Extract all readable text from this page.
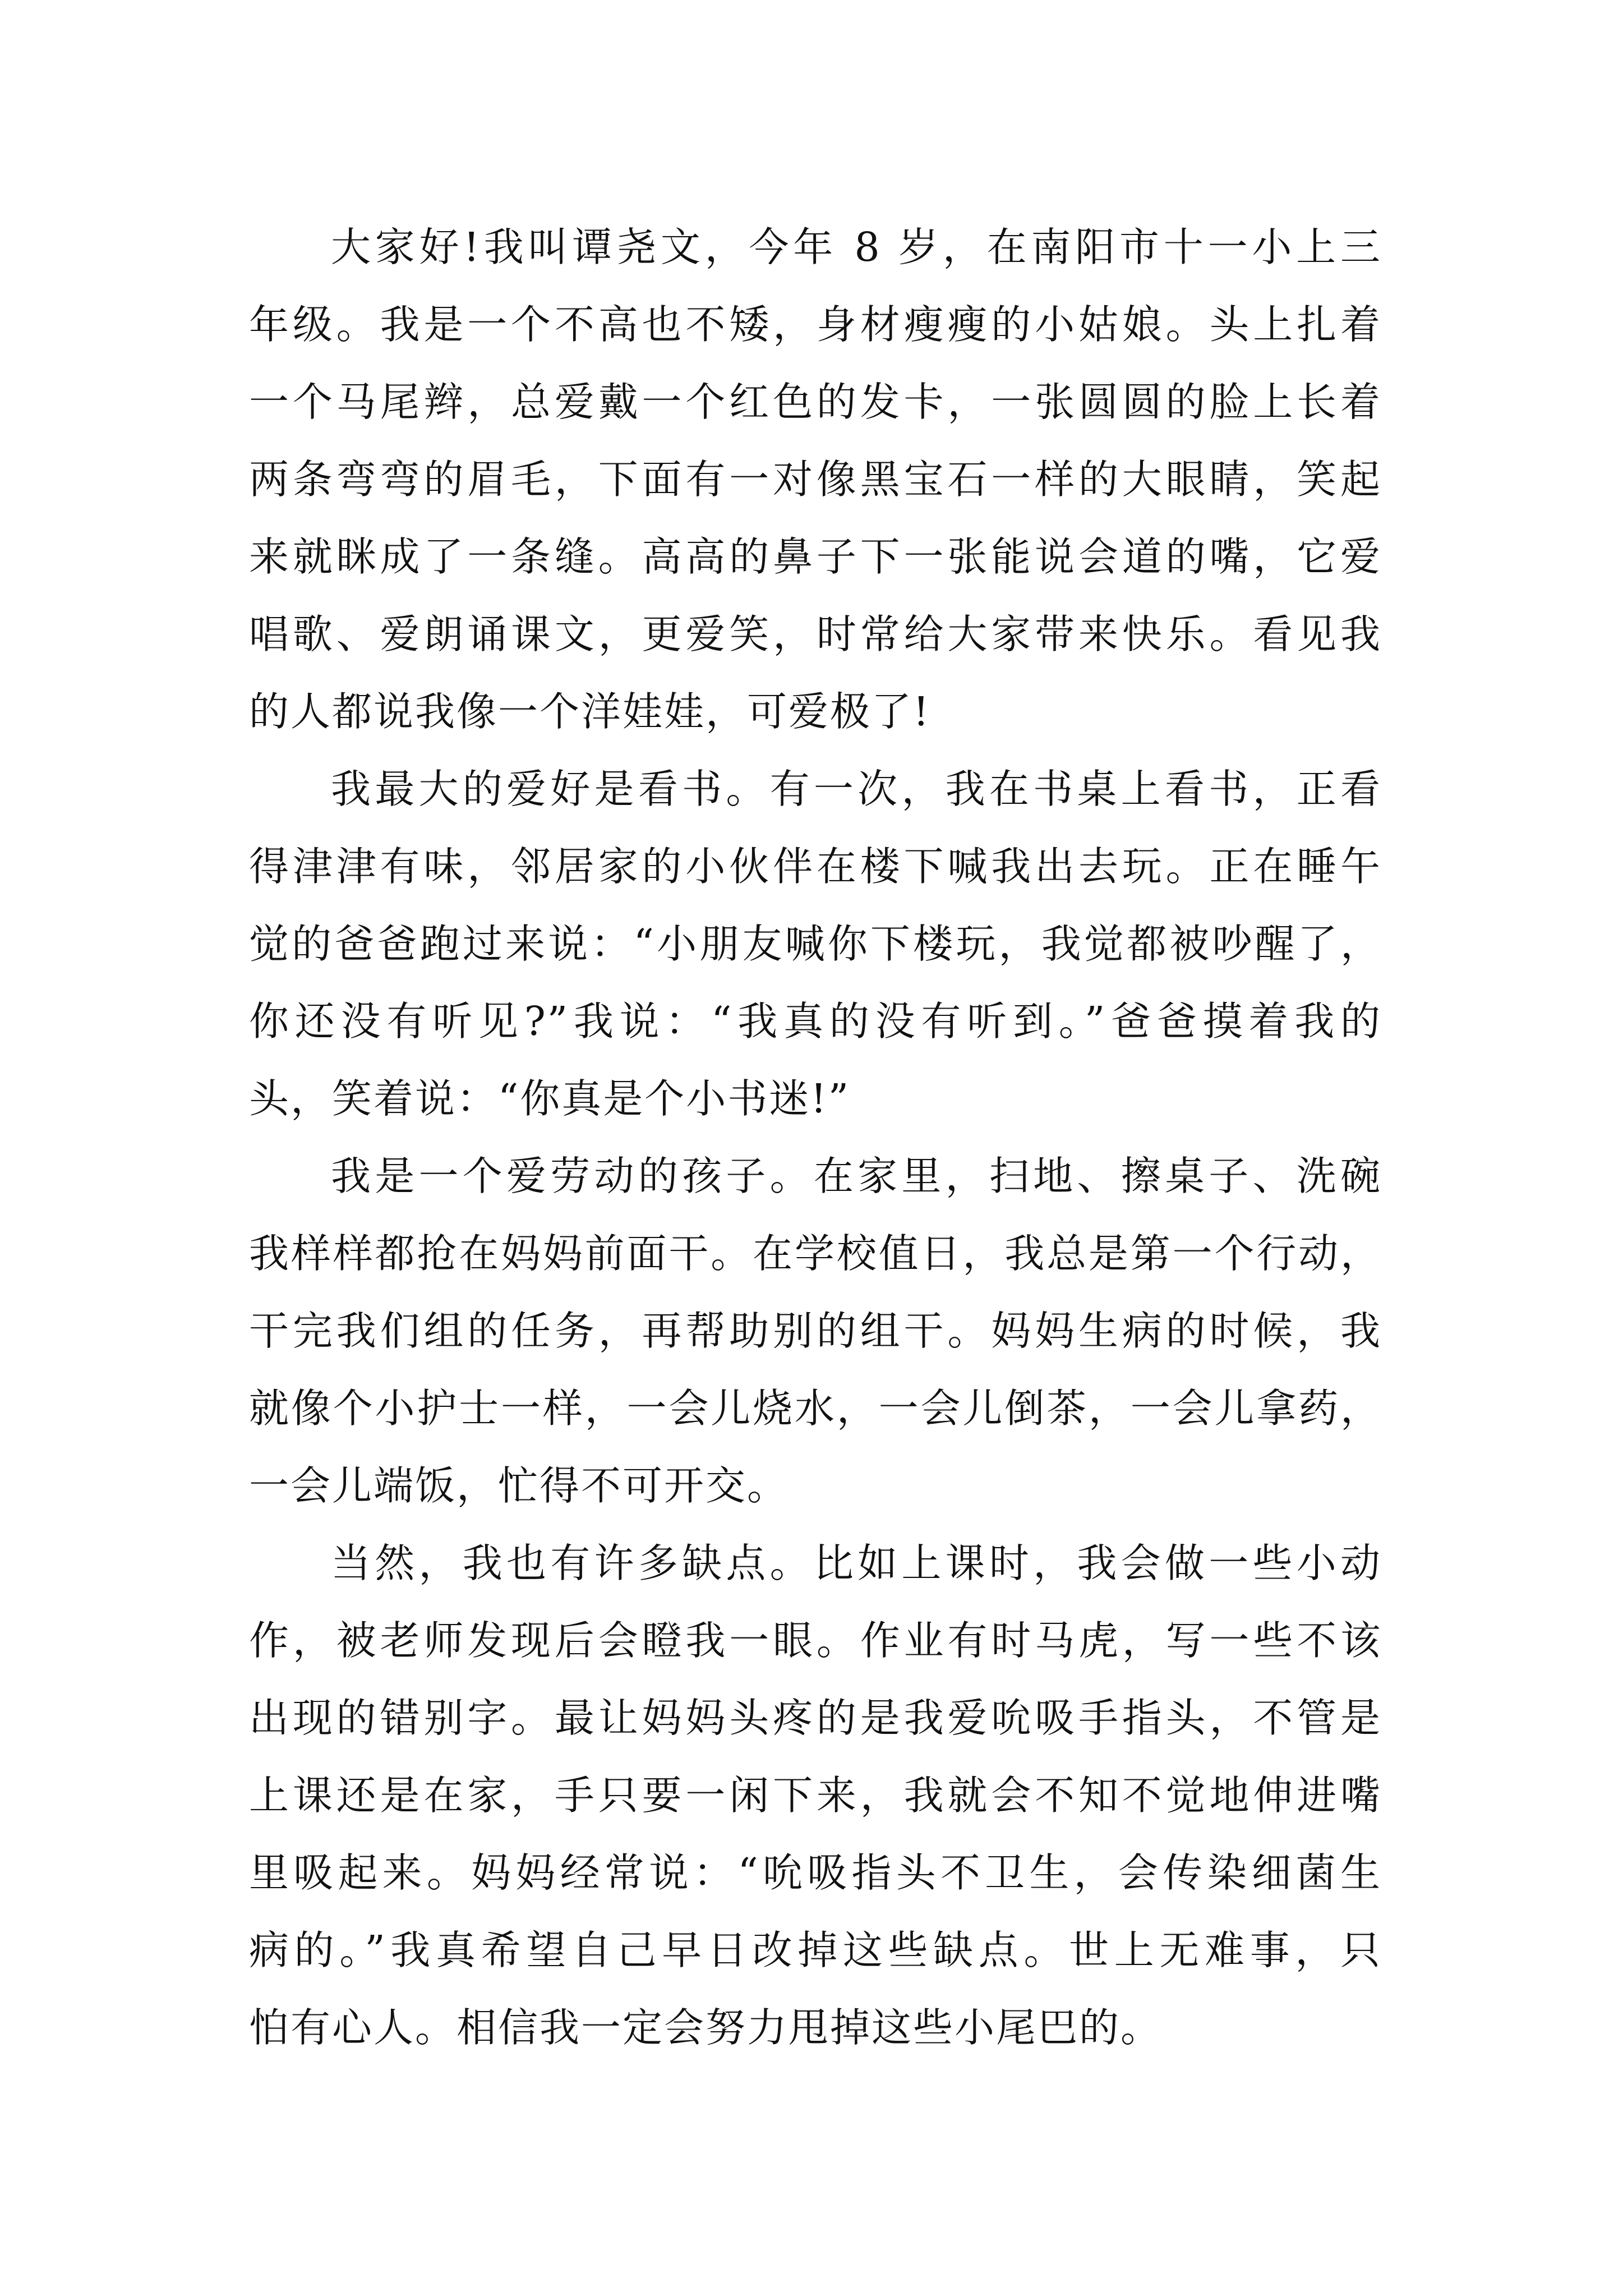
大家好!我叫谭尧文，今年 8 岁，在南阳市十一小上三
年级。我是一个不高也不矮，身材瘦瘦的小姑娘。头上扎着
一个马尾辫，总爱戴一个红色的发卡，一张圆圆的脸上长着
两条弯弯的眉毛，下面有一对像黑宝石一样的大眼睛，笑起
来就眯成了一条缝。高高的鼻子下一张能说会道的嘴，它爱
唱歌、爱朗诵课文，更爱笑，时常给大家带来快乐。看见我
的人都说我像一个洋娃娃，可爱极了!
我最大的爱好是看书。有一次，我在书桌上看书，正看
得津津有味，邻居家的小伙伴在楼下喊我出去玩。正在睡午
觉的爸爸跑过来说：“小朋友喊你下楼玩，我觉都被吵醒了，
你还没有听见?”我说：“我真的没有听到。”爸爸摸着我的
头，笑着说：“你真是个小书迷!”
我是一个爱劳动的孩子。在家里，扫地、擦桌子、洗碗
我样样都抢在妈妈前面干。在学校值日，我总是第一个行动，
干完我们组的任务，再帮助别的组干。妈妈生病的时候，我
就像个小护士一样，一会儿烧水，一会儿倒茶，一会儿拿药，
一会儿端饭，忙得不可开交。
当然，我也有许多缺点。比如上课时，我会做一些小动
作，被老师发现后会瞪我一眼。作业有时马虎，写一些不该
出现的错别字。最让妈妈头疼的是我爱吮吸手指头，不管是
上课还是在家，手只要一闲下来，我就会不知不觉地伸进嘴
里吸起来。妈妈经常说：“吮吸指头不卫生，会传染细菌生
病的。”我真希望自己早日改掉这些缺点。世上无难事，只
怕有心人。相信我一定会努力甩掉这些小尾巴的。
